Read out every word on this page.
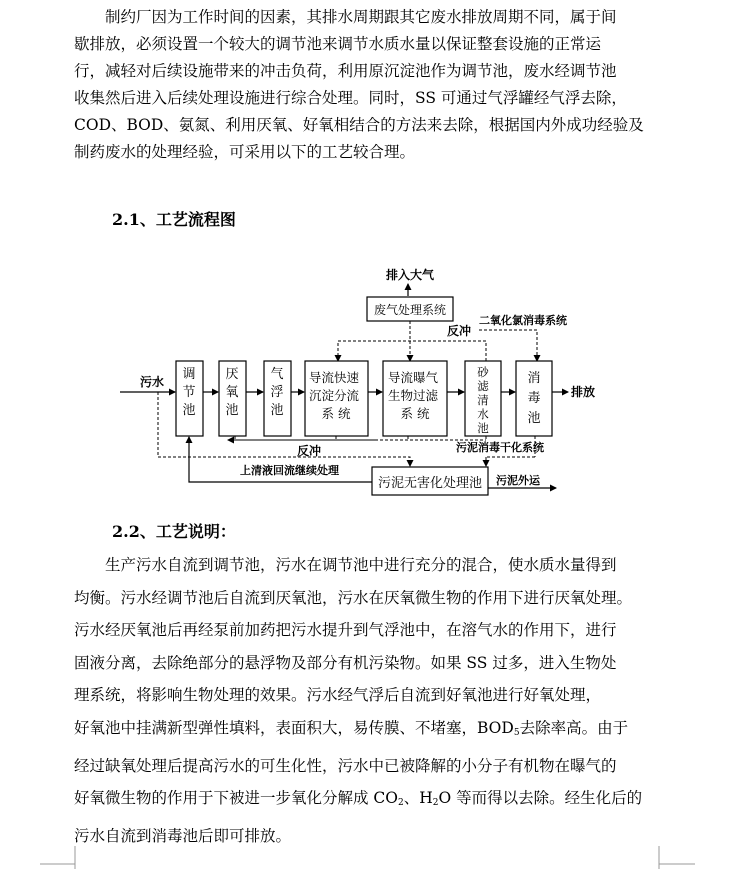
制约厂因为工作时间的因素，其排水周期跟其它废水排放周期不同，属于间
歇排放，必须设置一个较大的调节池来调节水质水量以保证整套设施的正常运
行，减轻对后续设施带来的冲击负荷，利用原沉淀池作为调节池，废水经调节池
收集然后进入后续处理设施进行综合处理。同时，SS 可通过气浮罐经气浮去除，
COD、BOD、氨氮、利用厌氧、好氧相结合的方法来去除，根据国内外成功经验及
制药废水的处理经验，可采用以下的工艺较合理。
2.1、工艺流程图
排入大气
废气处理系统
二氧化氯消毒系统
反冲
调节池
厌氧池
气浮池
导流快速 沉淀分流 系 统
导流曝气 生物过滤 系 统
砂滤清水池
消毒池
污水
排放
反冲	污泥消毒干化系统
上清液回流继续处理
污泥无害化处理池 污泥外运
2.2、工艺说明：
生产污水自流到调节池，污水在调节池中进行充分的混合，使水质水量得到
均衡。污水经调节池后自流到厌氧池，污水在厌氧微生物的作用下进行厌氧处理。
污水经厌氧池后再经泵前加药把污水提升到气浮池中，在溶气水的作用下，进行
固液分离，去除绝部分的悬浮物及部分有机污染物。如果 SS 过多，进入生物处
理系统，将影响生物处理的效果。污水经气浮后自流到好氧池进行好氧处理，
好氧池中挂满新型弹性填料，表面积大，易传膜、不堵塞，$BOD_5$去除率高。由于
经过缺氧处理后提高污水的可生化性，污水中已被降解的小分子有机物在曝气的
好氧微生物的作用于下被进一步氧化分解成 $CO_2$、$H_2O$ 等而得以去除。经生化后的
污水自流到消毒池后即可排放。
